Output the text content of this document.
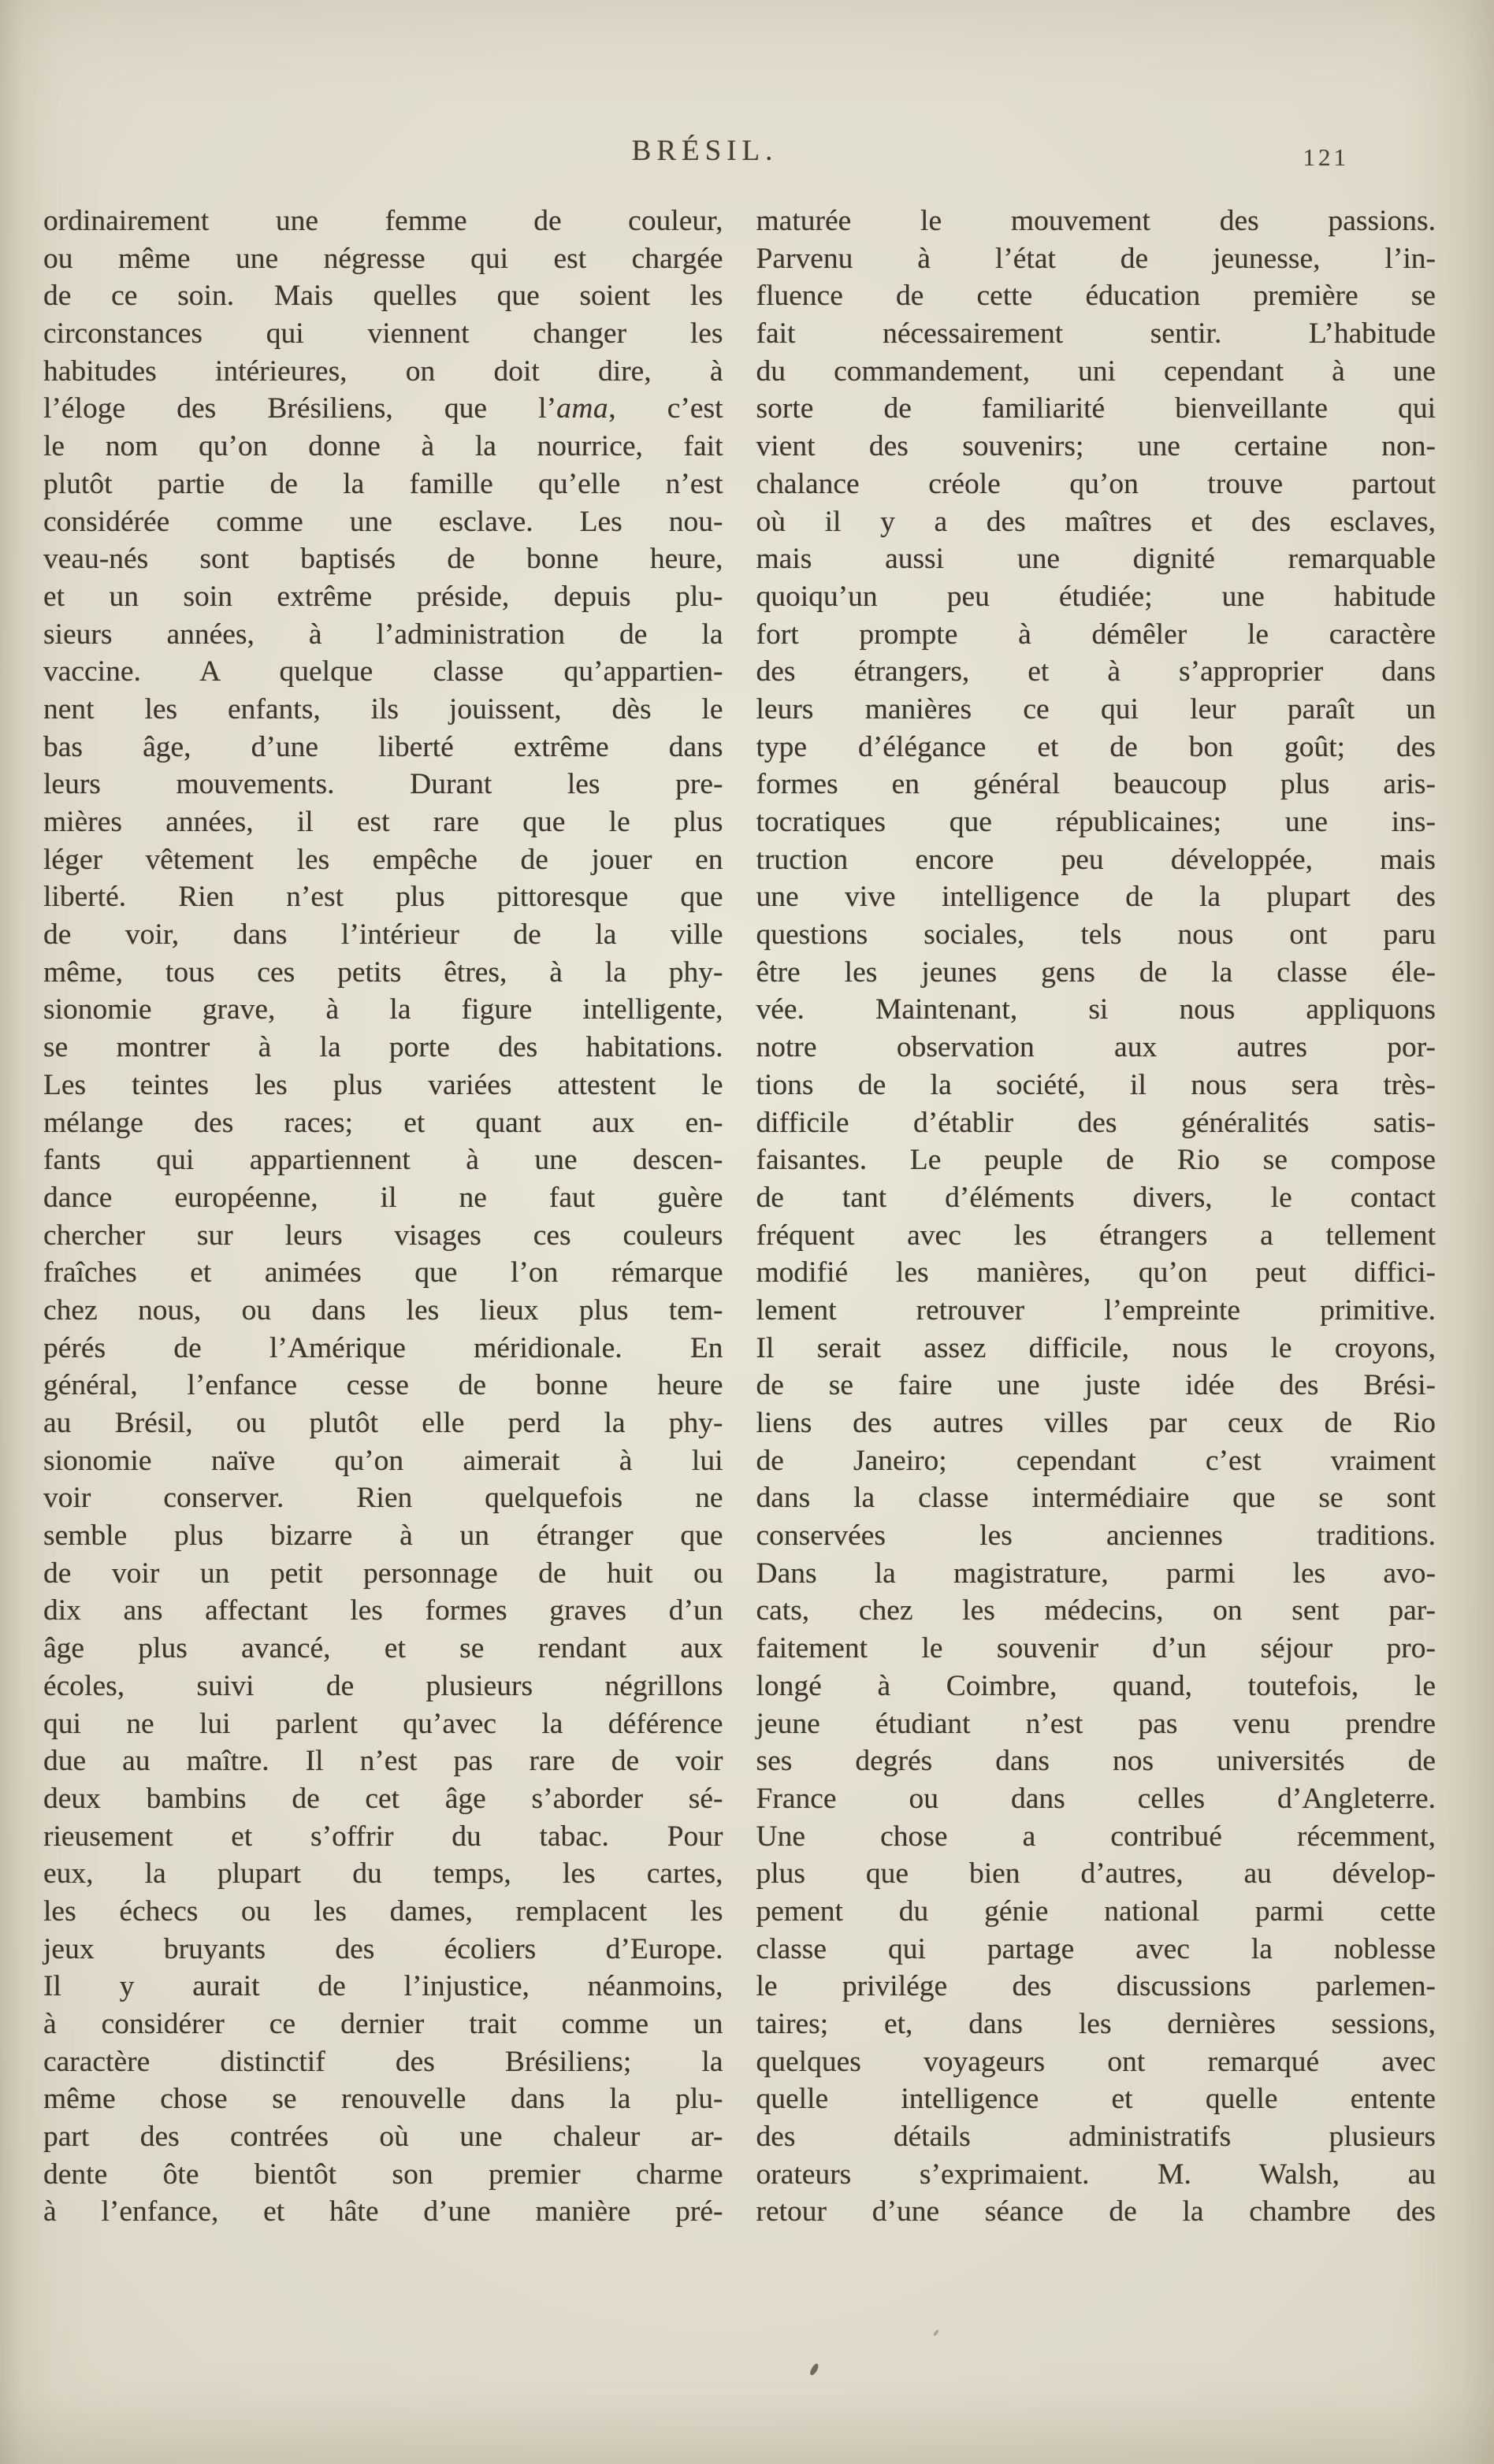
BRÉSIL.	121
ordinairement une femme de couleur,
ou même une négresse qui est chargée
de ce soin. Mais quelles que soient les
circonstances qui viennent changer les
habitudes intérieures, on doit dire, à
l’éloge des Brésiliens, que l’ama, c’est
le nom qu’on donne à la nourrice, fait
plutôt partie de la famille qu’elle n’est
considérée comme une esclave. Les nou-
veau-nés sont baptisés de bonne heure,
et un soin extrême préside, depuis plu-
sieurs années, à l’administration de la
vaccine. A quelque classe qu’appartien-
nent les enfants, ils jouissent, dès le
bas âge, d’une liberté extrême dans
leurs mouvements. Durant les pre-
mières années, il est rare que le plus
léger vêtement les empêche de jouer en
liberté. Rien n’est plus pittoresque que
de voir, dans l’intérieur de la ville
même, tous ces petits êtres, à la phy-
sionomie grave, à la figure intelligente,
se montrer à la porte des habitations.
Les teintes les plus variées attestent le
mélange des races; et quant aux en-
fants qui appartiennent à une descen-
dance européenne, il ne faut guère
chercher sur leurs visages ces couleurs
fraîches et animées que l’on rémarque
chez nous, ou dans les lieux plus tem-
pérés de l’Amérique méridionale. En
général, l’enfance cesse de bonne heure
au Brésil, ou plutôt elle perd la phy-
sionomie naïve qu’on aimerait à lui
voir conserver. Rien quelquefois ne
semble plus bizarre à un étranger que
de voir un petit personnage de huit ou
dix ans affectant les formes graves d’un
âge plus avancé, et se rendant aux
écoles, suivi de plusieurs négrillons
qui ne lui parlent qu’avec la déférence
due au maître. Il n’est pas rare de voir
deux bambins de cet âge s’aborder sé-
rieusement et s’offrir du tabac. Pour
eux, la plupart du temps, les cartes,
les échecs ou les dames, remplacent les
jeux bruyants des écoliers d’Europe.
Il y aurait de l’injustice, néanmoins,
à considérer ce dernier trait comme un
caractère distinctif des Brésiliens; la
même chose se renouvelle dans la plu-
part des contrées où une chaleur ar-
dente ôte bientôt son premier charme
à l’enfance, et hâte d’une manière pré-
maturée le mouvement des passions.
Parvenu à l’état de jeunesse, l’in-
fluence de cette éducation première se
fait nécessairement sentir. L’habitude
du commandement, uni cependant à une
sorte de familiarité bienveillante qui
vient des souvenirs; une certaine non-
chalance créole qu’on trouve partout
où il y a des maîtres et des esclaves,
mais aussi une dignité remarquable
quoiqu’un peu étudiée; une habitude
fort prompte à démêler le caractère
des étrangers, et à s’approprier dans
leurs manières ce qui leur paraît un
type d’élégance et de bon goût; des
formes en général beaucoup plus aris-
tocratiques que républicaines; une ins-
truction encore peu développée, mais
une vive intelligence de la plupart des
questions sociales, tels nous ont paru
être les jeunes gens de la classe éle-
vée. Maintenant, si nous appliquons
notre observation aux autres por-
tions de la société, il nous sera très-
difficile d’établir des généralités satis-
faisantes. Le peuple de Rio se compose
de tant d’éléments divers, le contact
fréquent avec les étrangers a tellement
modifié les manières, qu’on peut diffici-
lement retrouver l’empreinte primitive.
Il serait assez difficile, nous le croyons,
de se faire une juste idée des Brési-
liens des autres villes par ceux de Rio
de Janeiro; cependant c’est vraiment
dans la classe intermédiaire que se sont
conservées les anciennes traditions.
Dans la magistrature, parmi les avo-
cats, chez les médecins, on sent par-
faitement le souvenir d’un séjour pro-
longé à Coimbre, quand, toutefois, le
jeune étudiant n’est pas venu prendre
ses degrés dans nos universités de
France ou dans celles d’Angleterre.
Une chose a contribué récemment,
plus que bien d’autres, au dévelop-
pement du génie national parmi cette
classe qui partage avec la noblesse
le privilége des discussions parlemen-
taires; et, dans les dernières sessions,
quelques voyageurs ont remarqué avec
quelle intelligence et quelle entente
des détails administratifs plusieurs
orateurs s’exprimaient. M. Walsh, au
retour d’une séance de la chambre des
